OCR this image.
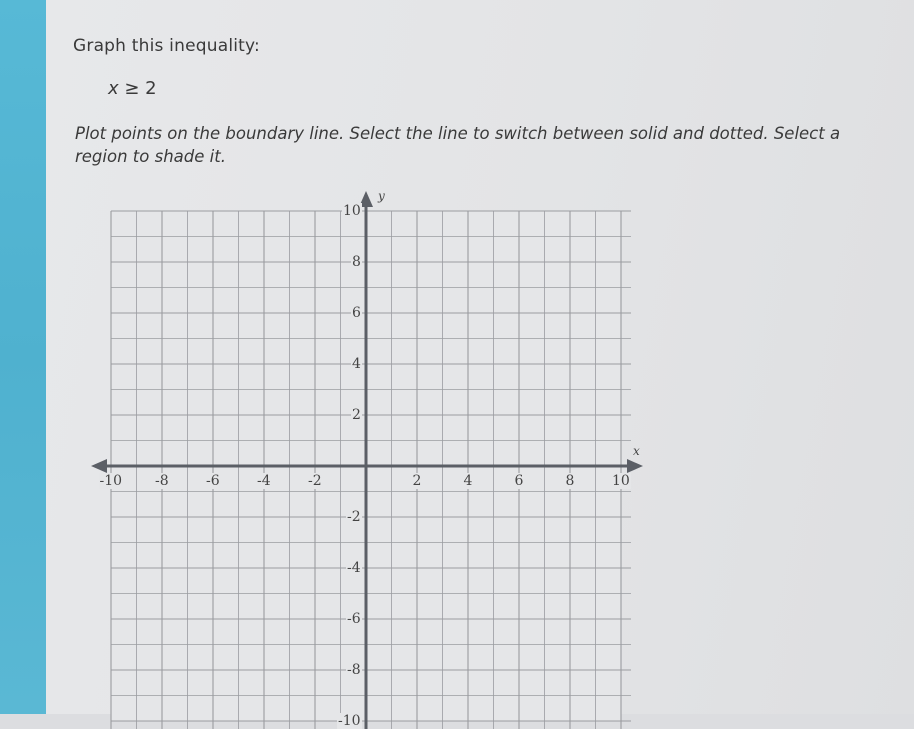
Graph this inequality:
x ≥ 2
Plot points on the boundary line. Select the line to switch between solid and dotted. Select a region to shade it.
-10 -8	-6	-4	-2	2	4	6	8	10
10
8
6
4
2
-2
-4
-6
-8
-10
x
y
